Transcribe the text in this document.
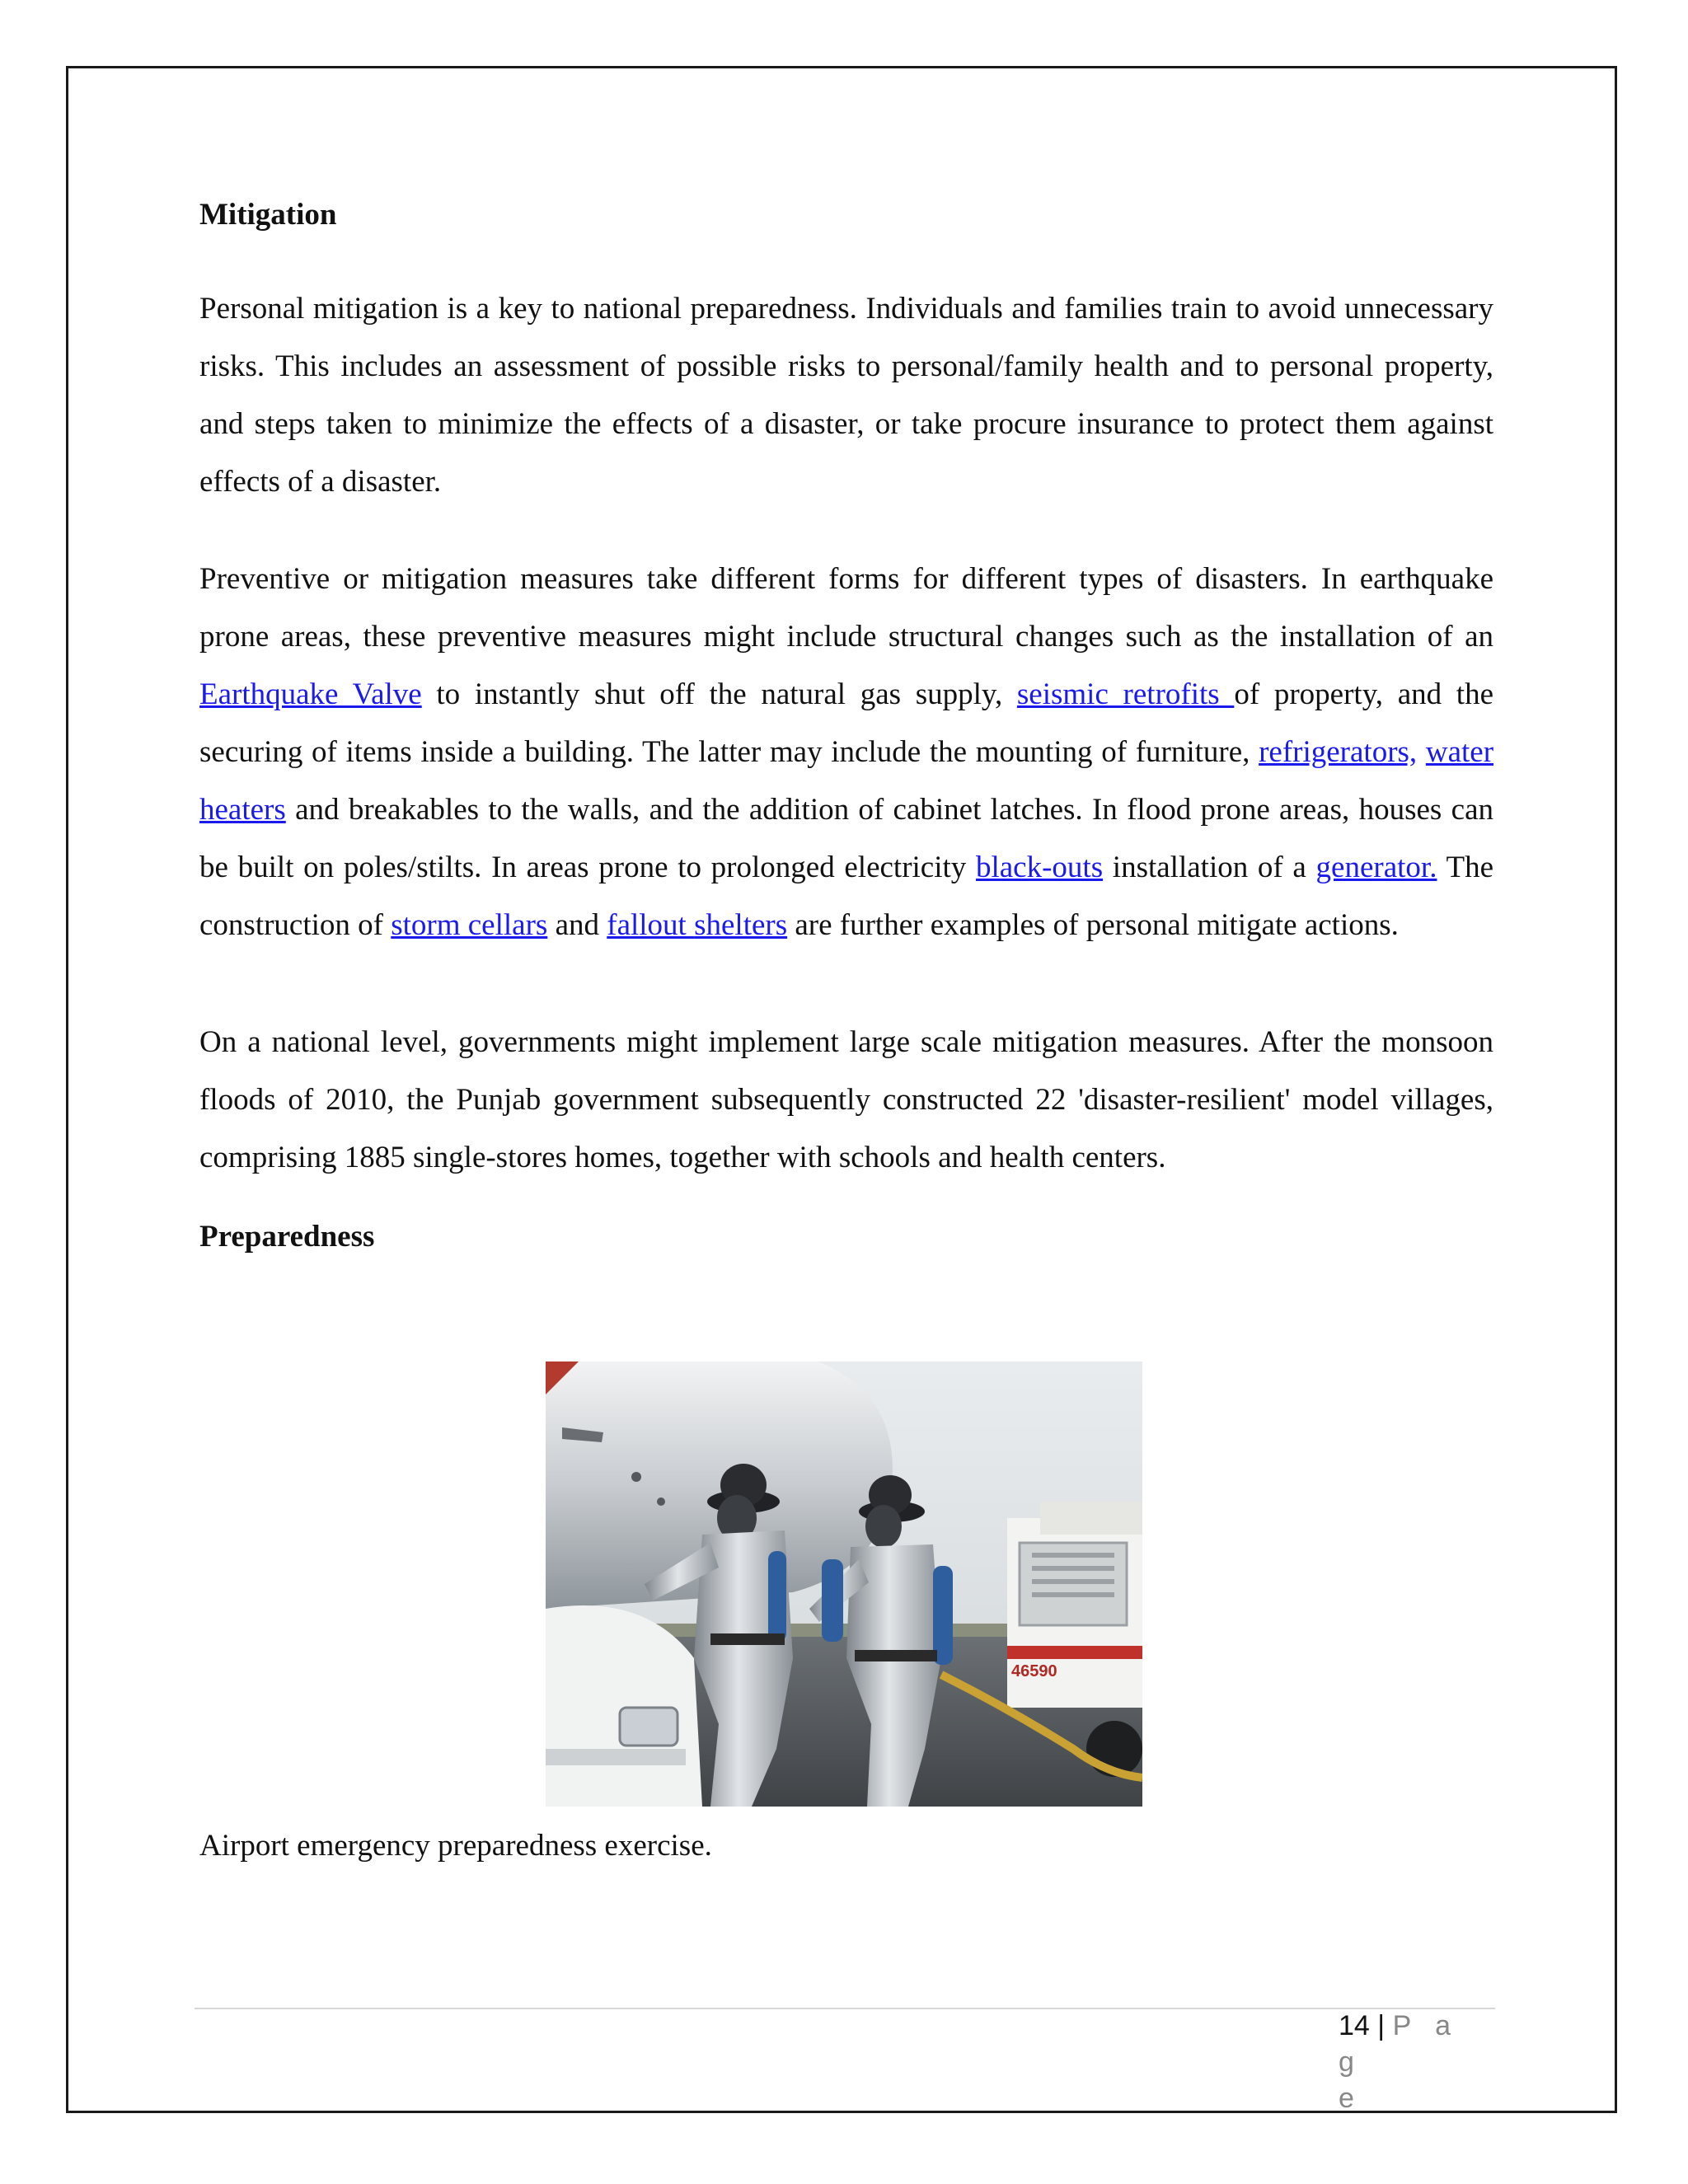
Mitigation

Personal mitigation is a key to national preparedness. Individuals and families train to avoid unnecessary risks. This includes an assessment of possible risks to personal/family health and to personal property, and steps taken to minimize the effects of a disaster, or take procure insurance to protect them against effects of a disaster.

Preventive or mitigation measures take different forms for different types of disasters. In earthquake prone areas, these preventive measures might include structural changes such as the installation of an Earthquake Valve to instantly shut off the natural gas supply, seismic retrofits of property, and the securing of items inside a building. The latter may include the mounting of furniture, refrigerators, water heaters and breakables to the walls, and the addition of cabinet latches. In flood prone areas, houses can be built on poles/stilts. In areas prone to prolonged electricity black-outs installation of a generator. The construction of storm cellars and fallout shelters are further examples of personal mitigate actions.

On a national level, governments might implement large scale mitigation measures. After the monsoon floods of 2010, the Punjab government subsequently constructed 22 'disaster-resilient' model villages, comprising 1885 single-stores homes, together with schools and health centers.

Preparedness
46590
Airport emergency preparedness exercise.
14 | P a g
e
